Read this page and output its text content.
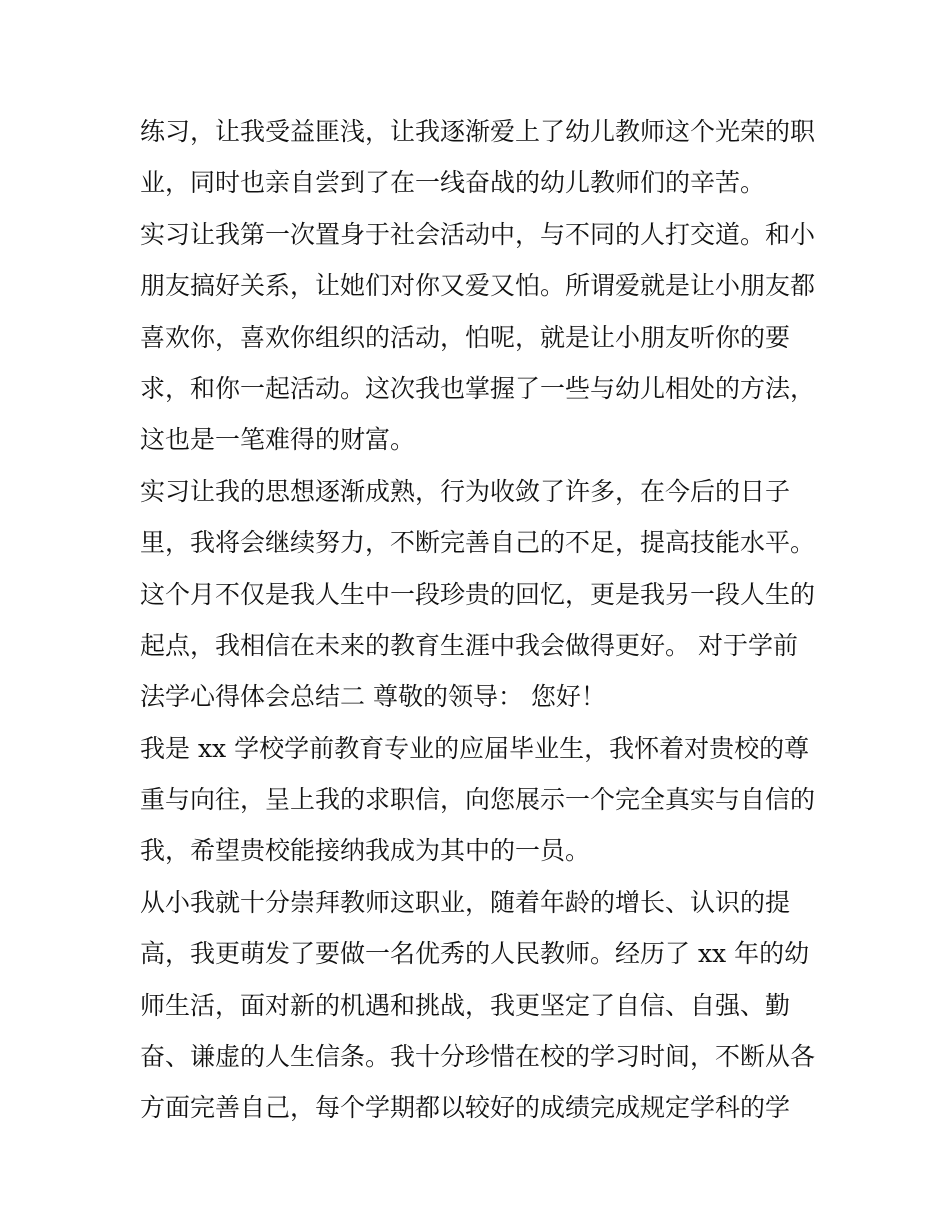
练习，让我受益匪浅，让我逐渐爱上了幼儿教师这个光荣的职
业，同时也亲自尝到了在一线奋战的幼儿教师们的辛苦。
实习让我第一次置身于社会活动中，与不同的人打交道。和小
朋友搞好关系，让她们对你又爱又怕。所谓爱就是让小朋友都
喜欢你，喜欢你组织的活动，怕呢，就是让小朋友听你的要
求，和你一起活动。这次我也掌握了一些与幼儿相处的方法，
这也是一笔难得的财富。
实习让我的思想逐渐成熟，行为收敛了许多，在今后的日子
里，我将会继续努力，不断完善自己的不足，提高技能水平。
这个月不仅是我人生中一段珍贵的回忆，更是我另一段人生的
起点，我相信在未来的教育生涯中我会做得更好。 对于学前
法学心得体会总结二 尊敬的领导： 您好！
我是 xx 学校学前教育专业的应届毕业生，我怀着对贵校的尊
重与向往，呈上我的求职信，向您展示一个完全真实与自信的
我，希望贵校能接纳我成为其中的一员。
从小我就十分崇拜教师这职业，随着年龄的增长、认识的提
高，我更萌发了要做一名优秀的人民教师。经历了 xx 年的幼
师生活，面对新的机遇和挑战，我更坚定了自信、自强、勤
奋、谦虚的人生信条。我十分珍惜在校的学习时间，不断从各
方面完善自己，每个学期都以较好的成绩完成规定学科的学
